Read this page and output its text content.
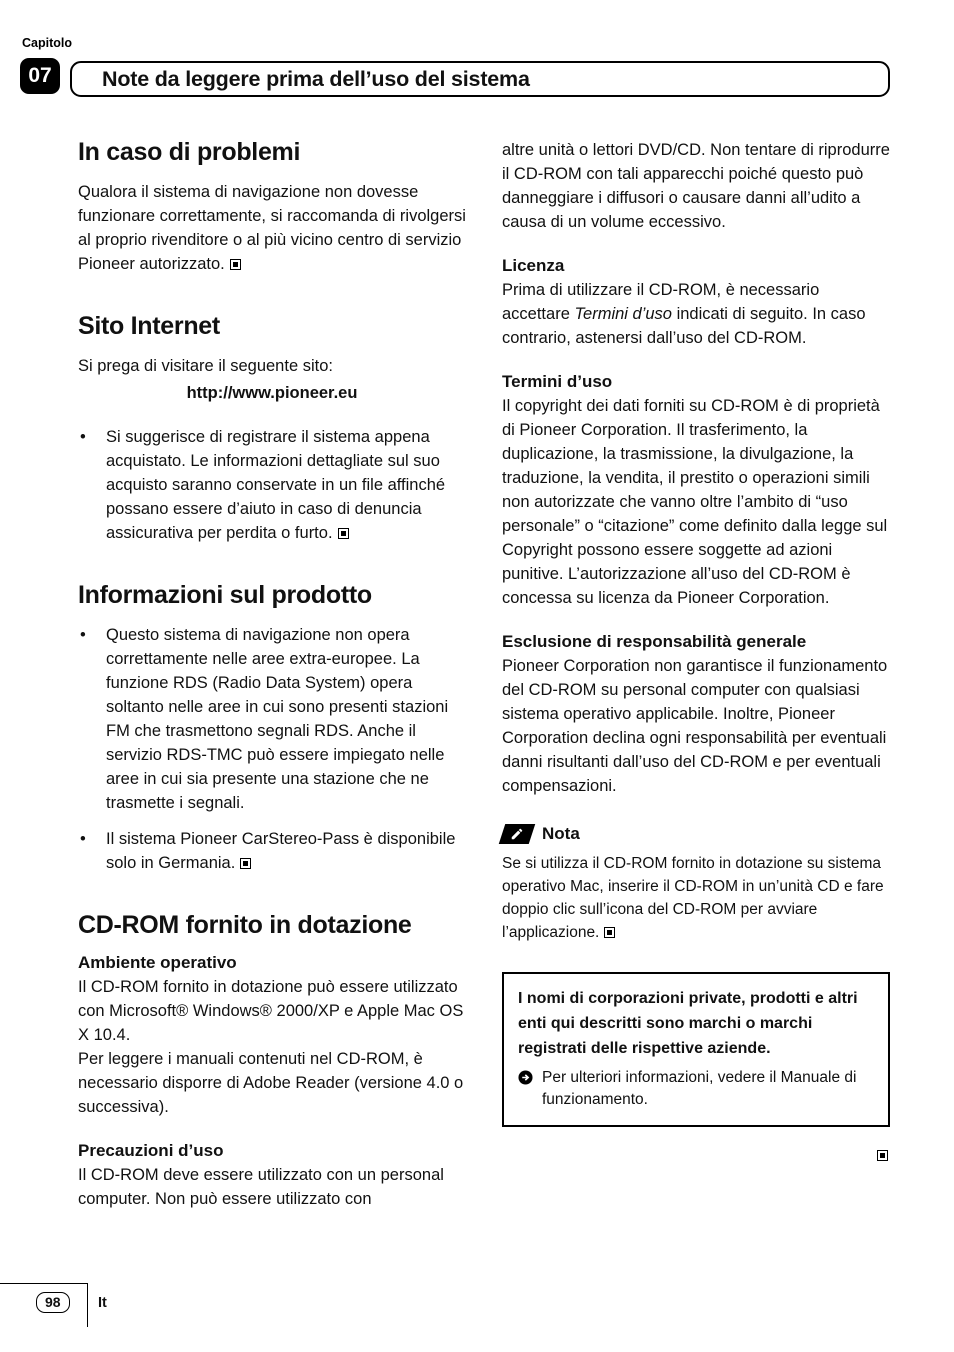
Capitolo
07	Note da leggere prima dell’uso del sistema
In caso di problemi
Qualora il sistema di navigazione non dovesse funzionare correttamente, si raccomanda di rivolgersi al proprio rivenditore o al più vicino centro di servizio Pioneer autorizzato.
Sito Internet
Si prega di visitare il seguente sito:
http://www.pioneer.eu
•	Si suggerisce di registrare il sistema appena acquistato. Le informazioni dettagliate sul suo acquisto saranno conservate in un file affinché possano essere d’aiuto in caso di denuncia assicurativa per perdita o furto.
Informazioni sul prodotto
•	Questo sistema di navigazione non opera correttamente nelle aree extra-europee. La funzione RDS (Radio Data System) opera soltanto nelle aree in cui sono presenti stazioni FM che trasmettono segnali RDS. Anche il servizio RDS-TMC può essere impiegato nelle aree in cui sia presente una stazione che ne trasmette i segnali.
•	Il sistema Pioneer CarStereo-Pass è disponibile solo in Germania.
CD-ROM fornito in dotazione
Ambiente operativo
Il CD-ROM fornito in dotazione può essere utilizzato con Microsoft® Windows® 2000/XP e Apple Mac OS X 10.4.
Per leggere i manuali contenuti nel CD-ROM, è necessario disporre di Adobe Reader (versione 4.0 o successiva).
Precauzioni d’uso
Il CD-ROM deve essere utilizzato con un personal computer. Non può essere utilizzato con
altre unità o lettori DVD/CD. Non tentare di riprodurre il CD-ROM con tali apparecchi poiché questo può danneggiare i diffusori o causare danni all’udito a causa di un volume eccessivo.
Licenza
Prima di utilizzare il CD-ROM, è necessario accettare Termini d’uso indicati di seguito. In caso contrario, astenersi dall’uso del CD-ROM.
Termini d’uso
Il copyright dei dati forniti su CD-ROM è di proprietà di Pioneer Corporation. Il trasferimento, la duplicazione, la trasmissione, la divulgazione, la traduzione, la vendita, il prestito o operazioni simili non autorizzate che vanno oltre l’ambito di “uso personale” o “citazione” come definito dalla legge sul Copyright possono essere soggette ad azioni punitive. L’autorizzazione all’uso del CD-ROM è concessa su licenza da Pioneer Corporation.
Esclusione di responsabilità generale
Pioneer Corporation non garantisce il funzionamento del CD-ROM su personal computer con qualsiasi sistema operativo applicabile. Inoltre, Pioneer Corporation declina ogni responsabilità per eventuali danni risultanti dall’uso del CD-ROM e per eventuali compensazioni.
Nota
Se si utilizza il CD-ROM fornito in dotazione su sistema operativo Mac, inserire il CD-ROM in un’unità CD e fare doppio clic sull’icona del CD-ROM per avviare l’applicazione.
I nomi di corporazioni private, prodotti e altri enti qui descritti sono marchi o marchi registrati delle rispettive aziende.
Per ulteriori informazioni, vedere il Manuale di funzionamento.
98	It
